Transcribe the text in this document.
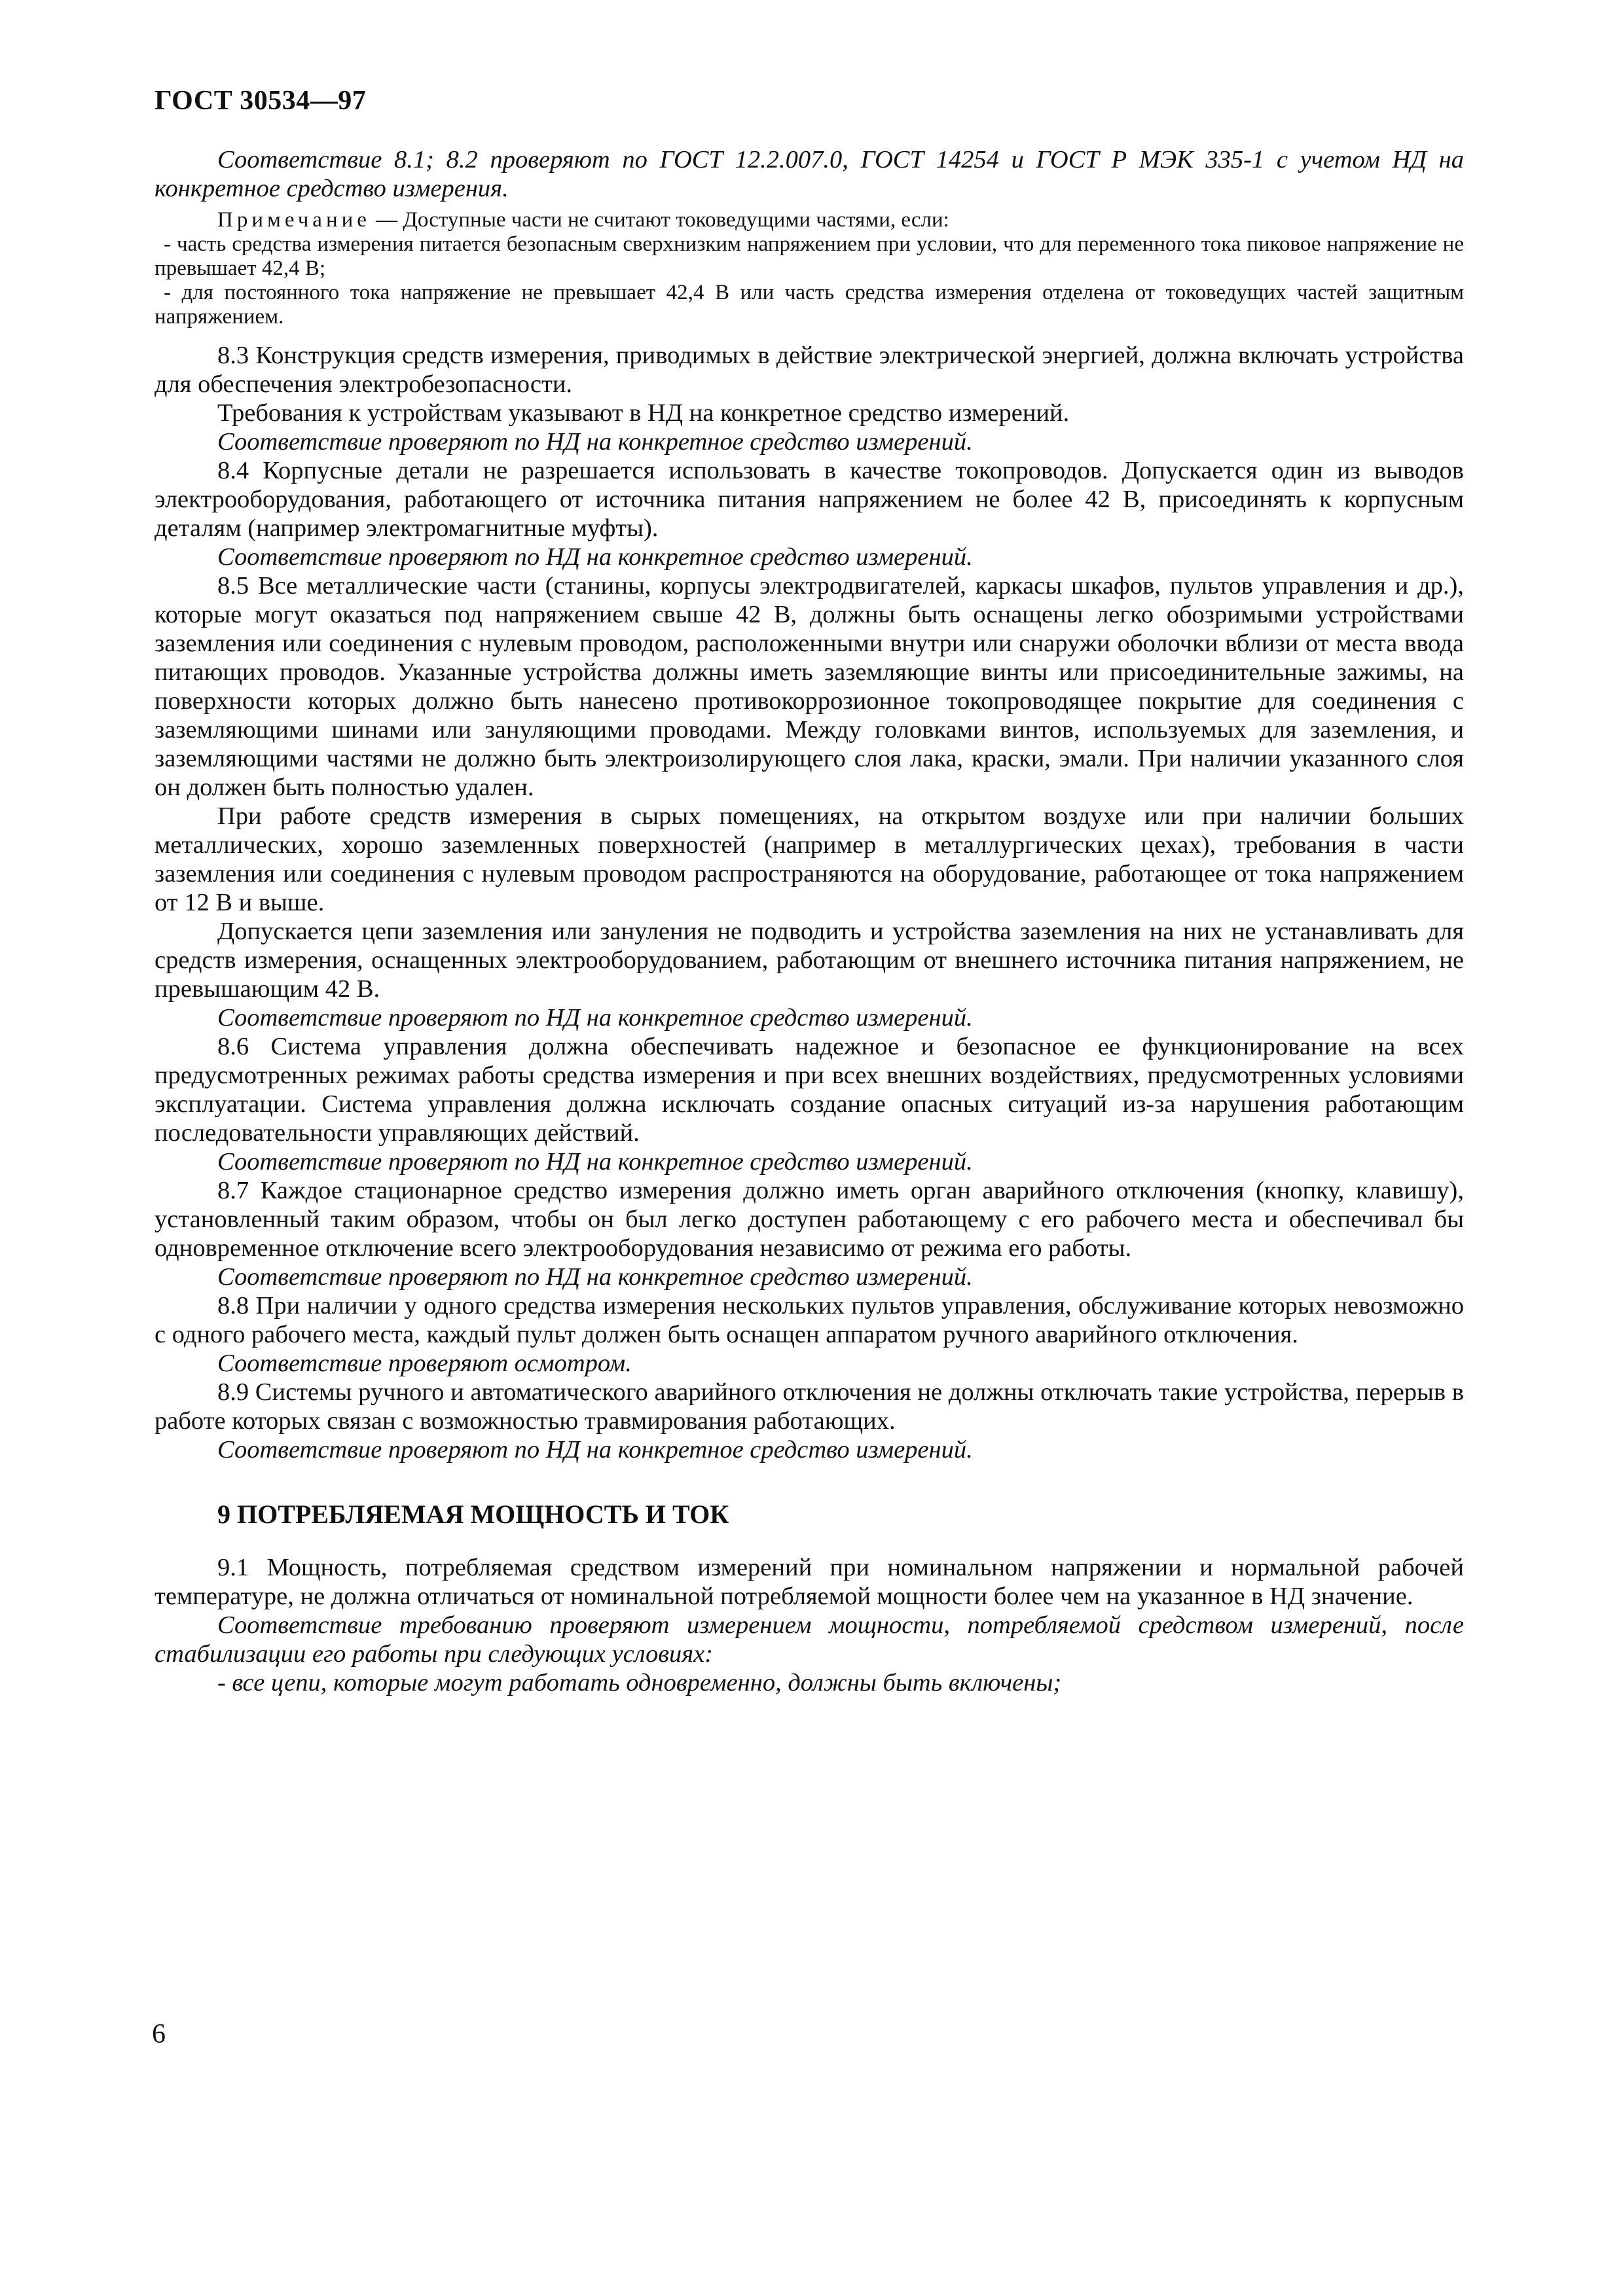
ГОСТ 30534—97

Соответствие 8.1; 8.2 проверяют по ГОСТ 12.2.007.0, ГОСТ 14254 и ГОСТ Р МЭК 335-1 с учетом НД на конкретное средство измерения.

Примечание — Доступные части не считают токоведущими частями, если:

- часть средства измерения питается безопасным сверхнизким напряжением при условии, что для переменного тока пиковое напряжение не превышает 42,4 В;

- для постоянного тока напряжение не превышает 42,4 В или часть средства измерения отделена от токоведущих частей защитным напряжением.

8.3 Конструкция средств измерения, приводимых в действие электрической энергией, должна включать устройства для обеспечения электробезопасности.

Требования к устройствам указывают в НД на конкретное средство измерений.

Соответствие проверяют по НД на конкретное средство измерений.

8.4 Корпусные детали не разрешается использовать в качестве токопроводов. Допускается один из выводов электрооборудования, работающего от источника питания напряжением не более 42 В, присоединять к корпусным деталям (например электромагнитные муфты).

Соответствие проверяют по НД на конкретное средство измерений.

8.5 Все металлические части (станины, корпусы электродвигателей, каркасы шкафов, пультов управления и др.), которые могут оказаться под напряжением свыше 42 В, должны быть оснащены легко обозримыми устройствами заземления или соединения с нулевым проводом, расположенными внутри или снаружи оболочки вблизи от места ввода питающих проводов. Указанные устройства должны иметь заземляющие винты или присоединительные зажимы, на поверхности которых должно быть нанесено противокоррозионное токопроводящее покрытие для соединения с заземляющими шинами или зануляющими проводами. Между головками винтов, используемых для заземления, и заземляющими частями не должно быть электроизолирующего слоя лака, краски, эмали. При наличии указанного слоя он должен быть полностью удален.

При работе средств измерения в сырых помещениях, на открытом воздухе или при наличии больших металлических, хорошо заземленных поверхностей (например в металлургических цехах), требования в части заземления или соединения с нулевым проводом распространяются на оборудование, работающее от тока напряжением от 12 В и выше.

Допускается цепи заземления или зануления не подводить и устройства заземления на них не устанавливать для средств измерения, оснащенных электрооборудованием, работающим от внешнего источника питания напряжением, не превышающим 42 В.

Соответствие проверяют по НД на конкретное средство измерений.

8.6 Система управления должна обеспечивать надежное и безопасное ее функционирование на всех предусмотренных режимах работы средства измерения и при всех внешних воздействиях, предусмотренных условиями эксплуатации. Система управления должна исключать создание опасных ситуаций из-за нарушения работающим последовательности управляющих действий.

Соответствие проверяют по НД на конкретное средство измерений.

8.7 Каждое стационарное средство измерения должно иметь орган аварийного отключения (кнопку, клавишу), установленный таким образом, чтобы он был легко доступен работающему с его рабочего места и обеспечивал бы одновременное отключение всего электрооборудования независимо от режима его работы.

Соответствие проверяют по НД на конкретное средство измерений.

8.8 При наличии у одного средства измерения нескольких пультов управления, обслуживание которых невозможно с одного рабочего места, каждый пульт должен быть оснащен аппаратом ручного аварийного отключения.

Соответствие проверяют осмотром.

8.9 Системы ручного и автоматического аварийного отключения не должны отключать такие устройства, перерыв в работе которых связан с возможностью травмирования работающих.

Соответствие проверяют по НД на конкретное средство измерений.

9 ПОТРЕБЛЯЕМАЯ МОЩНОСТЬ И ТОК

9.1 Мощность, потребляемая средством измерений при номинальном напряжении и нормальной рабочей температуре, не должна отличаться от номинальной потребляемой мощности более чем на указанное в НД значение.

Соответствие требованию проверяют измерением мощности, потребляемой средством измерений, после стабилизации его работы при следующих условиях:

- все цепи, которые могут работать одновременно, должны быть включены;

6
